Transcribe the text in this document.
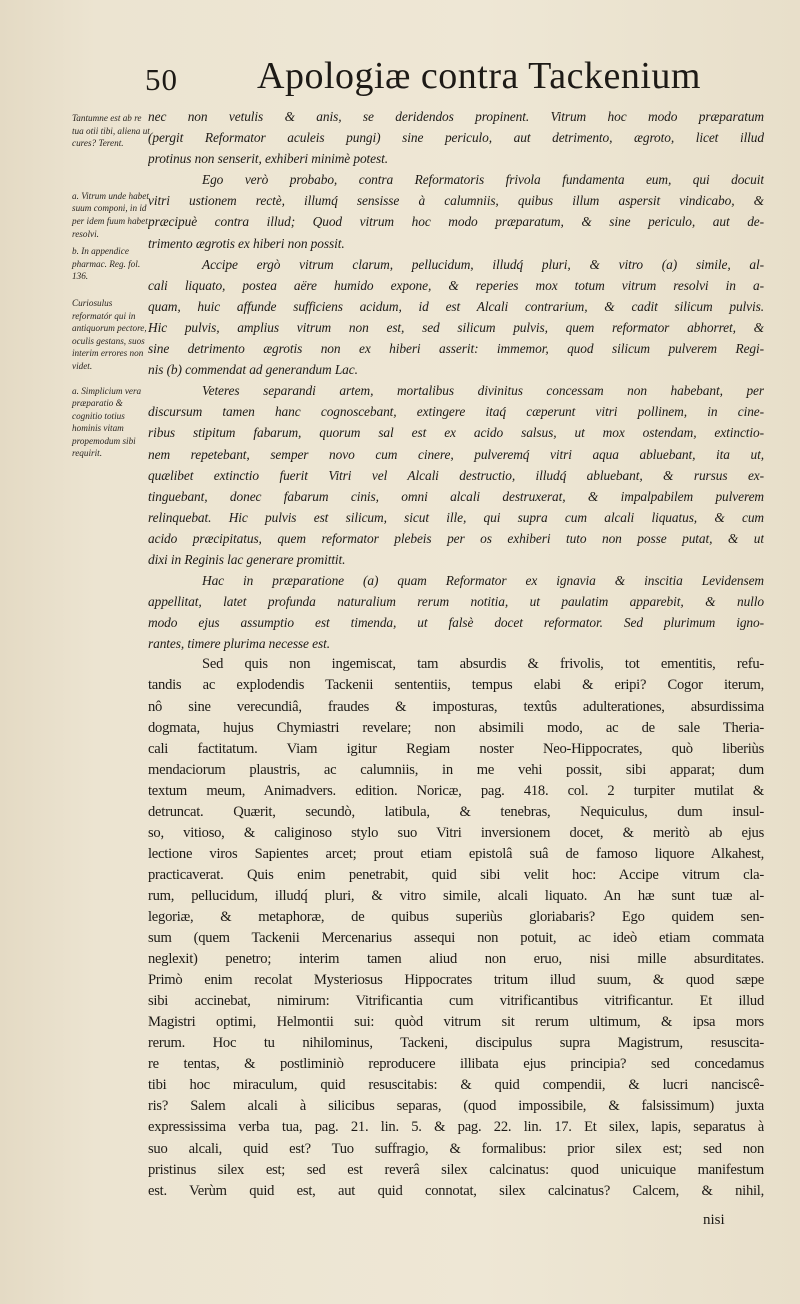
50 Apologiæ contra Tackenium
Tantumne est ab re tua otii tibi, aliena ut cures? Terent.
a. Vitrum unde habet suum componi, in id per idem fuum habet resolvi.
b. In appendice pharmac. Reg. fol. 136.
Curiosulus reformatór qui in antiquorum pectore, oculis gestans, suos interim errores non videt.
a. Simplicium vera præparatio & cognitio totius hominis vitam propemodum sibi requirit.
nec non vetulis & anis, se deridendos propinent. Vitrum hoc modo præparatum
(pergit Reformator aculeis pungi) sine periculo, aut detrimento, ægroto, licet illud
protinus non senserit, exhiberi minimè potest.
Ego verò probabo, contra Reformatoris frivola fundamenta eum, qui docuit
vitri ustionem rectè, illumq́ sensisse à calumniis, quibus illum aspersit vindicabo, &
præcipuè contra illud; Quod vitrum hoc modo præparatum, & sine periculo, aut de-
trimento ægrotis ex hiberi non possit.
Accipe ergò vitrum clarum, pellucidum, illudq́ pluri, & vitro (a) simile, al-
cali liquato, postea aëre humido expone, & reperies mox totum vitrum resolvi in a-
quam, huic affunde sufficiens acidum, id est Alcali contrarium, & cadit silicum pulvis.
Hic pulvis, amplius vitrum non est, sed silicum pulvis, quem reformator abhorret, &
sine detrimento ægrotis non ex hiberi asserit: immemor, quod silicum pulverem Regi-
nis (b) commendat ad generandum Lac.
Veteres separandi artem, mortalibus divinitus concessam non habebant, per
discursum tamen hanc cognoscebant, extingere itaq́ cæperunt vitri pollinem, in cine-
ribus stipitum fabarum, quorum sal est ex acido salsus, ut mox ostendam, extinctio-
nem repetebant, semper novo cum cinere, pulveremq́ vitri aqua abluebant, ita ut,
quælibet extinctio fuerit Vitri vel Alcali destructio, illudq́ abluebant, & rursus ex-
tinguebant, donec fabarum cinis, omni alcali destruxerat, & impalpabilem pulverem
relinquebat. Hic pulvis est silicum, sicut ille, qui supra cum alcali liquatus, & cum
acido præcipitatus, quem reformator plebeis per os exhiberi tuto non posse putat, & ut
dixi in Reginis lac generare promittit.
Hac in præparatione (a) quam Reformator ex ignavia & inscitia Levidensem
appellitat, latet profunda naturalium rerum notitia, ut paulatim apparebit, & nullo
modo ejus assumptio est timenda, ut falsè docet reformator. Sed plurimum igno-
rantes, timere plurima necesse est.
Sed quis non ingemiscat, tam absurdis & frivolis, tot ementitis, refu-
tandis ac explodendis Tackenii sententiis, tempus elabi & eripi? Cogor iterum,
nô sine verecundiâ, fraudes & imposturas, textûs adulterationes, absurdissima
dogmata, hujus Chymiastri revelare; non absimili modo, ac de sale Theria-
cali factitatum. Viam igitur Regiam noster Neo-Hippocrates, quò liberiùs
mendaciorum plaustris, ac calumniis, in me vehi possit, sibi apparat; dum
textum meum, Animadvers. edition. Noricæ, pag. 418. col. 2 turpiter mutilat &
detruncat. Quærit, secundò, latibula, & tenebras, Nequiculus, dum insul-
so, vitioso, & caliginoso stylo suo Vitri inversionem docet, & meritò ab ejus
lectione viros Sapientes arcet; prout etiam epistolâ suâ de famoso liquore Alkahest,
practicaverat. Quis enim penetrabit, quid sibi velit hoc: Accipe vitrum cla-
rum, pellucidum, illudq́ pluri, & vitro simile, alcali liquato. An hæ sunt tuæ al-
legoriæ, & metaphoræ, de quibus superiùs gloriabaris? Ego quidem sen-
sum (quem Tackenii Mercenarius assequi non potuit, ac ideò etiam commata
neglexit) penetro; interim tamen aliud non eruo, nisi mille absurditates.
Primò enim recolat Mysteriosus Hippocrates tritum illud suum, & quod sæpe
sibi accinebat, nimirum: Vitrificantia cum vitrificantibus vitrificantur. Et illud
Magistri optimi, Helmontii sui: quòd vitrum sit rerum ultimum, & ipsa mors
rerum. Hoc tu nihilominus, Tackeni, discipulus supra Magistrum, resuscita-
re tentas, & postliminiò reproducere illibata ejus principia? sed concedamus
tibi hoc miraculum, quid resuscitabis: & quid compendii, & lucri nanciscê-
ris? Salem alcali à silicibus separas, (quod impossibile, & falsissimum) juxta
expressissima verba tua, pag. 21. lin. 5. & pag. 22. lin. 17. Et silex, lapis, separatus à
suo alcali, quid est? Tuo suffragio, & formalibus: prior silex est; sed non
pristinus silex est; sed est reverâ silex calcinatus: quod unicuique manifestum
est. Verùm quid est, aut quid connotat, silex calcinatus? Calcem, & nihil,
nisi
